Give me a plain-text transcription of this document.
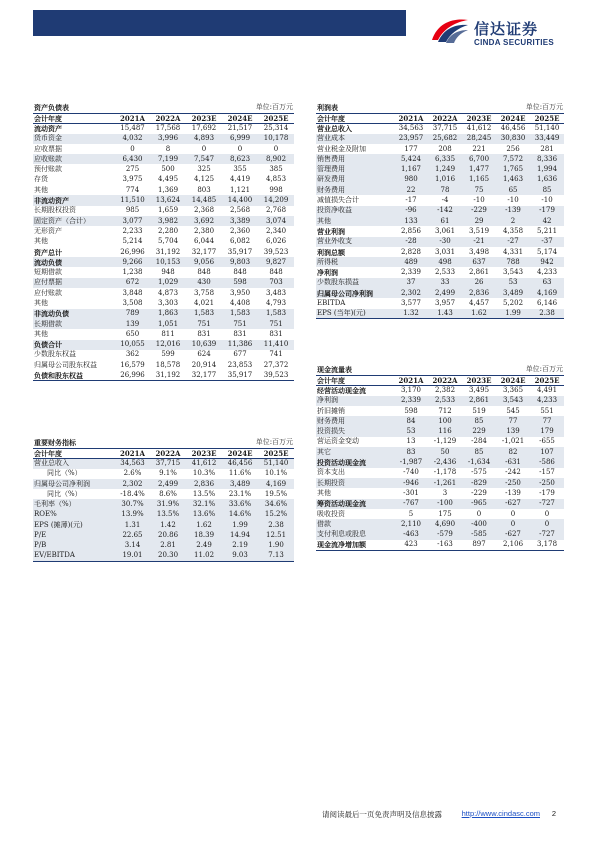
信达证券
CINDA SECURITIES
资产负债表			单位:百万元		
会计年度	2021A	2022A	2023E	2024E	2025E
流动资产	15,487	17,568	17,692	21,517	25,314
货币资金	4,032	3,996	4,893	6,999	10,178
应收票据	0	8	0	0	0
应收账款	6,430	7,199	7,547	8,623	8,902
预付账款	275	500	325	355	385
存货	3,975	4,495	4,125	4,419	4,853
其他	774	1,369	803	1,121	998
非流动资产	11,510	13,624	14,485	14,400	14,209
长期股权投资	985	1,659	2,368	2,568	2,768
固定资产（合计）	3,077	3,982	3,692	3,389	3,074
无形资产	2,233	2,280	2,380	2,360	2,340
其他	5,214	5,704	6,044	6,082	6,026
资产总计	26,996	31,192	32,177	35,917	39,523
流动负债	9,266	10,153	9,056	9,803	9,827
短期借款	1,238	948	848	848	848
应付票据	672	1,029	430	598	703
应付账款	3,848	4,873	3,758	3,950	3,483
其他	3,508	3,303	4,021	4,408	4,793
非流动负债	789	1,863	1,583	1,583	1,583
长期借款	139	1,051	751	751	751
其他	650	811	831	831	831
负债合计	10,055	12,016	10,639	11,386	11,410
少数股东权益	362	599	624	677	741
归属母公司股东权益	16,579	18,578	20,914	23,853	27,372
负债和股东权益	26,996	31,192	32,177	35,917	39,523
利润表			单位:百万元		
会计年度	2021A	2022A	2023E	2024E	2025E
营业总收入	34,563	37,715	41,612	46,456	51,140
营业成本	23,957	25,682	28,245	30,830	33,449
营业税金及附加	177	208	221	256	281
销售费用	5,424	6,335	6,700	7,572	8,336
管理费用	1,167	1,249	1,477	1,765	1,994
研发费用	980	1,016	1,165	1,463	1,636
财务费用	22	78	75	65	85
减值损失合计	-17	-4	-10	-10	-10
投资净收益	-96	-142	-229	-139	-179
其他	133	61	29	2	42
营业利润	2,856	3,061	3,519	4,358	5,211
营业外收支	-28	-30	-21	-27	-37
利润总额	2,828	3,031	3,498	4,331	5,174
所得税	489	498	637	788	942
净利润	2,339	2,533	2,861	3,543	4,233
少数股东损益	37	33	26	53	63
归属母公司净利润	2,302	2,499	2,836	3,489	4,169
EBITDA	3,577	3,957	4,457	5,202	6,146
EPS (当年)(元)	1.32	1.43	1.62	1.99	2.38
现金流量表			单位:百万元		
会计年度	2021A	2022A	2023E	2024E	2025E
经营活动现金流	3,170	2,382	3,495	3,365	4,491
净利润	2,339	2,533	2,861	3,543	4,233
折旧摊销	598	712	519	545	551
财务费用	84	100	85	77	77
投资损失	53	116	229	139	179
营运资金变动	13	-1,129	-284	-1,021	-655
其它	83	50	85	82	107
投资活动现金流	-1,987	-2,436	-1,634	-631	-586
资本支出	-740	-1,178	-575	-242	-157
长期投资	-946	-1,261	-829	-250	-250
其他	-301	3	-229	-139	-179
筹资活动现金流	-767	-100	-965	-627	-727
吸收投资	5	175	0	0	0
借款	2,110	4,690	-400	0	0
支付利息或股息	-463	-579	-585	-627	-727
现金流净增加额	423	-163	897	2,106	3,178
重要财务指标			单位:百万元		
会计年度	2021A	2022A	2023E	2024E	2025E
营业总收入	34,563	37,715	41,612	46,456	51,140
同比（%）	2.6%	9.1%	10.3%	11.6%	10.1%
归属母公司净利润	2,302	2,499	2,836	3,489	4,169
同比（%）	-18.4%	8.6%	13.5%	23.1%	19.5%
毛利率（%）	30.7%	31.9%	32.1%	33.6%	34.6%
ROE%	13.9%	13.5%	13.6%	14.6%	15.2%
EPS (摊薄)(元)	1.31	1.42	1.62	1.99	2.38
P/E	22.65	20.86	18.39	14.94	12.51
P/B	3.14	2.81	2.49	2.19	1.90
EV/EBITDA	19.01	20.30	11.02	9.03	7.13
请阅读最后一页免责声明及信息披露	http://www.cindasc.com 2
